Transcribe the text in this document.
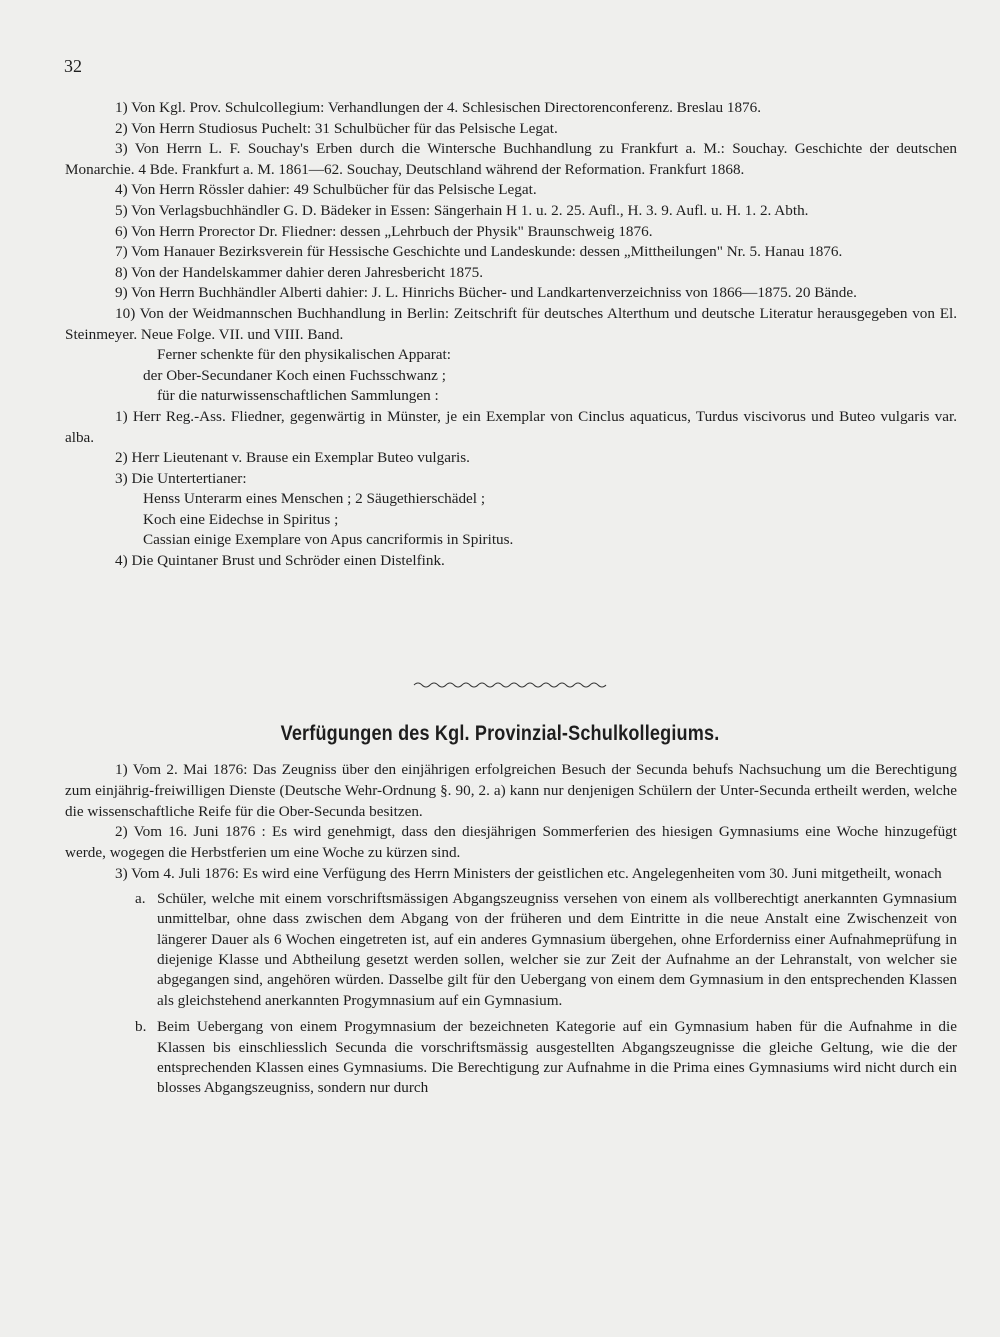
32

1) Von Kgl. Prov. Schulcollegium: Verhandlungen der 4. Schlesischen Directorenconferenz. Breslau 1876.

2) Von Herrn Studiosus Puchelt: 31 Schulbücher für das Pelsische Legat.

3) Von Herrn L. F. Souchay's Erben durch die Wintersche Buchhandlung zu Frankfurt a. M.: Souchay. Geschichte der deutschen Monarchie. 4 Bde. Frankfurt a. M. 1861—62. Souchay, Deutschland während der Reformation. Frankfurt 1868.

4) Von Herrn Rössler dahier: 49 Schulbücher für das Pelsische Legat.

5) Von Verlagsbuchhändler G. D. Bädeker in Essen: Sängerhain H 1. u. 2. 25. Aufl., H. 3. 9. Aufl. u. H. 1. 2. Abth.

6) Von Herrn Prorector Dr. Fliedner: dessen „Lehrbuch der Physik" Braunschweig 1876.

7) Vom Hanauer Bezirksverein für Hessische Geschichte und Landeskunde: dessen „Mittheilungen" Nr. 5. Hanau 1876.

8) Von der Handelskammer dahier deren Jahresbericht 1875.

9) Von Herrn Buchhändler Alberti dahier: J. L. Hinrichs Bücher- und Landkartenverzeichniss von 1866—1875. 20 Bände.

10) Von der Weidmannschen Buchhandlung in Berlin: Zeitschrift für deutsches Alterthum und deutsche Literatur herausgegeben von El. Steinmeyer. Neue Folge. VII. und VIII. Band.

Ferner schenkte für den physikalischen Apparat:

der Ober-Secundaner Koch einen Fuchsschwanz ;

für die naturwissenschaftlichen Sammlungen :

1) Herr Reg.-Ass. Fliedner, gegenwärtig in Münster, je ein Exemplar von Cinclus aquaticus, Turdus viscivorus und Buteo vulgaris var. alba.

2) Herr Lieutenant v. Brause ein Exemplar Buteo vulgaris.

3) Die Untertertianer:

Henss Unterarm eines Menschen ; 2 Säugethierschädel ;

Koch eine Eidechse in Spiritus ;

Cassian einige Exemplare von Apus cancriformis in Spiritus.

4) Die Quintaner Brust und Schröder einen Distelfink.

Verfügungen des Kgl. Provinzial-Schulkollegiums.

1) Vom 2. Mai 1876: Das Zeugniss über den einjährigen erfolgreichen Besuch der Secunda behufs Nachsuchung um die Berechtigung zum einjährig-freiwilligen Dienste (Deutsche Wehr-Ordnung §. 90, 2. a) kann nur denjenigen Schülern der Unter-Secunda ertheilt werden, welche die wissenschaftliche Reife für die Ober-Secunda besitzen.

2) Vom 16. Juni 1876 : Es wird genehmigt, dass den diesjährigen Sommerferien des hiesigen Gymnasiums eine Woche hinzugefügt werde, wogegen die Herbstferien um eine Woche zu kürzen sind.

3) Vom 4. Juli 1876: Es wird eine Verfügung des Herrn Ministers der geistlichen etc. Angelegenheiten vom 30. Juni mitgetheilt, wonach

a. Schüler, welche mit einem vorschriftsmässigen Abgangszeugniss versehen von einem als vollberechtigt anerkannten Gymnasium unmittelbar, ohne dass zwischen dem Abgang von der früheren und dem Eintritte in die neue Anstalt eine Zwischenzeit von längerer Dauer als 6 Wochen eingetreten ist, auf ein anderes Gymnasium übergehen, ohne Erforderniss einer Aufnahmeprüfung in diejenige Klasse und Abtheilung gesetzt werden sollen, welcher sie zur Zeit der Aufnahme an der Lehranstalt, von welcher sie abgegangen sind, angehören würden. Dasselbe gilt für den Uebergang von einem dem Gymnasium in den entsprechenden Klassen als gleichstehend anerkannten Progymnasium auf ein Gymnasium.

b. Beim Uebergang von einem Progymnasium der bezeichneten Kategorie auf ein Gymnasium haben für die Aufnahme in die Klassen bis einschliesslich Secunda die vorschriftsmässig ausgestellten Abgangszeugnisse die gleiche Geltung, wie die der entsprechenden Klassen eines Gymnasiums. Die Berechtigung zur Aufnahme in die Prima eines Gymnasiums wird nicht durch ein blosses Abgangszeugniss, sondern nur durch
